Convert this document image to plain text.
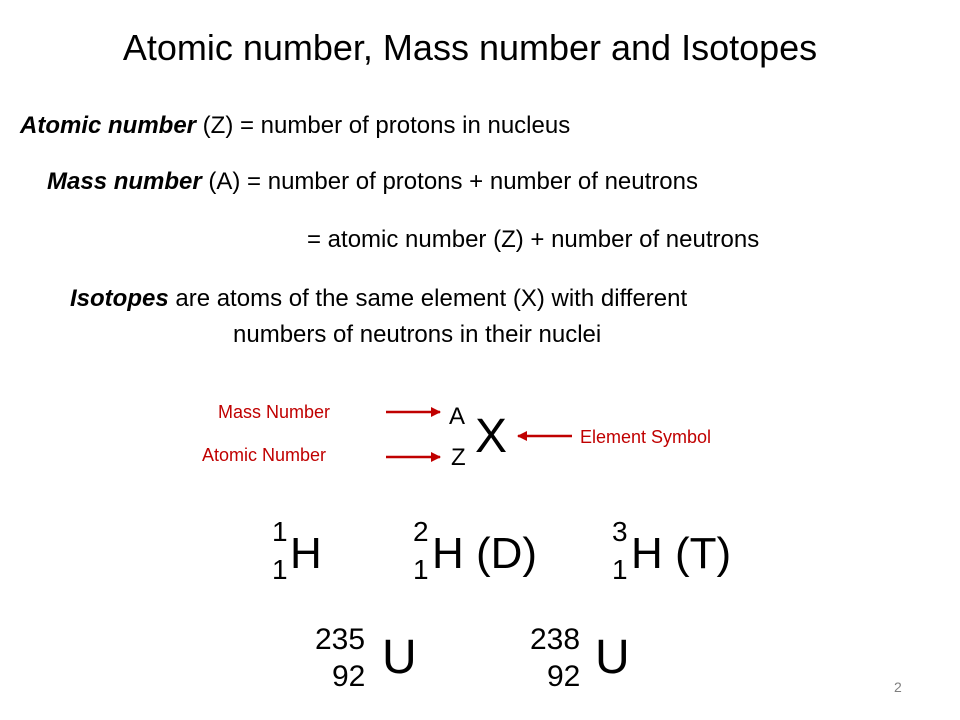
Atomic number, Mass number and Isotopes
Atomic number (Z) = number of protons in nucleus
Mass number (A) = number of protons + number of neutrons
= atomic number (Z) + number of neutrons
Isotopes are atoms of the same element (X) with different
numbers of neutrons in their nuclei
Mass Number
Atomic Number
Element Symbol
A
Z X
1
1 H	2
1 H (D)	3
1 H (T)
235
92 U	238
92 U
2
